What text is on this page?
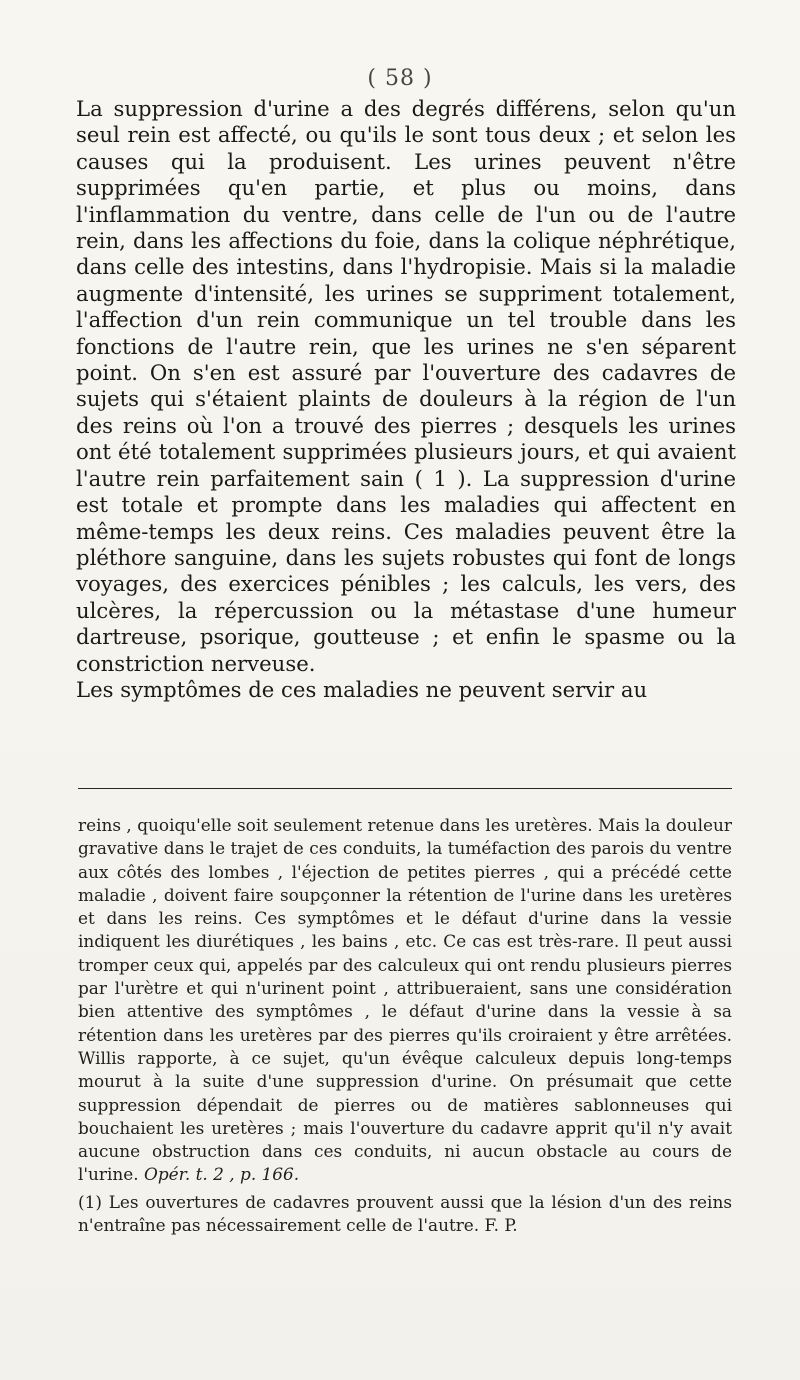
( 58 )

La suppression d'urine a des degrés différens, selon qu'un seul rein est affecté, ou qu'ils le sont tous deux ; et selon les causes qui la produisent. Les urines peuvent n'être supprimées qu'en partie, et plus ou moins, dans l'inflammation du ventre, dans celle de l'un ou de l'autre rein, dans les affections du foie, dans la colique néphrétique, dans celle des intestins, dans l'hydropisie. Mais si la maladie augmente d'intensité, les urines se suppriment totalement, l'affection d'un rein communique un tel trouble dans les fonctions de l'autre rein, que les urines ne s'en séparent point. On s'en est assuré par l'ouverture des cadavres de sujets qui s'étaient plaints de douleurs à la région de l'un des reins où l'on a trouvé des pierres ; desquels les urines ont été totalement supprimées plusieurs jours, et qui avaient l'autre rein parfaitement sain ( 1 ). La suppression d'urine est totale et prompte dans les maladies qui affectent en même-temps les deux reins. Ces maladies peuvent être la pléthore sanguine, dans les sujets robustes qui font de longs voyages, des exercices pénibles ; les calculs, les vers, des ulcères, la répercussion ou la métastase d'une humeur dartreuse, psorique, goutteuse ; et enfin le spasme ou la constriction nerveuse.

Les symptômes de ces maladies ne peuvent servir au

reins , quoiqu'elle soit seulement retenue dans les uretères. Mais la douleur gravative dans le trajet de ces conduits, la tuméfaction des parois du ventre aux côtés des lombes , l'éjection de petites pierres , qui a précédé cette maladie , doivent faire soupçonner la rétention de l'urine dans les uretères et dans les reins. Ces symptômes et le défaut d'urine dans la vessie indiquent les diurétiques , les bains , etc. Ce cas est très-rare. Il peut aussi tromper ceux qui, appelés par des calculeux qui ont rendu plusieurs pierres par l'urètre et qui n'urinent point , attribueraient, sans une considération bien attentive des symptômes , le défaut d'urine dans la vessie à sa rétention dans les uretères par des pierres qu'ils croiraient y être arrêtées. Willis rapporte, à ce sujet, qu'un évêque calculeux depuis long-temps mourut à la suite d'une suppression d'urine. On présumait que cette suppression dépendait de pierres ou de matières sablonneuses qui bouchaient les uretères ; mais l'ouverture du cadavre apprit qu'il n'y avait aucune obstruction dans ces conduits, ni aucun obstacle au cours de l'urine. Opér. t. 2 , p. 166.

(1) Les ouvertures de cadavres prouvent aussi que la lésion d'un des reins n'entraîne pas nécessairement celle de l'autre. F. P.
